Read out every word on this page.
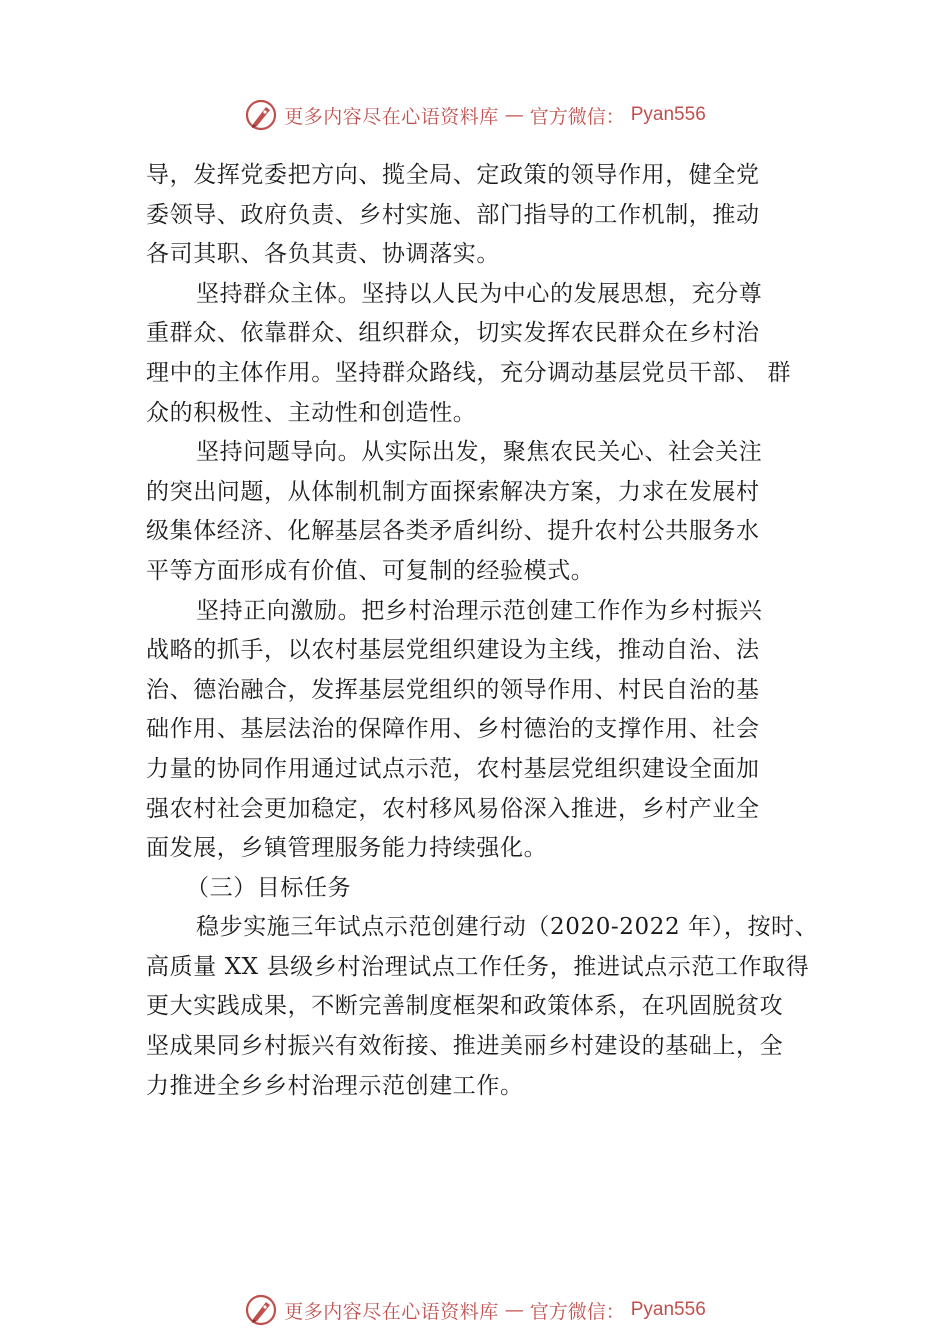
更多内容尽在心语资料库 — 官方微信： Pyan556
导，发挥党委把方向、揽全局、定政策的领导作用，健全党
委领导、政府负责、乡村实施、部门指导的工作机制，推动
各司其职、各负其责、协调落实。
坚持群众主体。坚持以人民为中心的发展思想，充分尊
重群众、依靠群众、组织群众，切实发挥农民群众在乡村治
理中的主体作用。坚持群众路线，充分调动基层党员干部、 群
众的积极性、主动性和创造性。
坚持问题导向。从实际出发，聚焦农民关心、社会关注
的突出问题，从体制机制方面探索解决方案，力求在发展村
级集体经济、化解基层各类矛盾纠纷、提升农村公共服务水
平等方面形成有价值、可复制的经验模式。
坚持正向激励。把乡村治理示范创建工作作为乡村振兴
战略的抓手，以农村基层党组织建设为主线，推动自治、法
治、德治融合，发挥基层党组织的领导作用、村民自治的基
础作用、基层法治的保障作用、乡村德治的支撑作用、社会
力量的协同作用通过试点示范，农村基层党组织建设全面加
强农村社会更加稳定，农村移风易俗深入推进，乡村产业全
面发展，乡镇管理服务能力持续强化。
（三）目标任务
稳步实施三年试点示范创建行动（2020-2022 年），按时、
高质量 XX 县级乡村治理试点工作任务，推进试点示范工作取得
更大实践成果，不断完善制度框架和政策体系，在巩固脱贫攻
坚成果同乡村振兴有效衔接、推进美丽乡村建设的基础上，全
力推进全乡乡村治理示范创建工作。
更多内容尽在心语资料库 — 官方微信： Pyan556
